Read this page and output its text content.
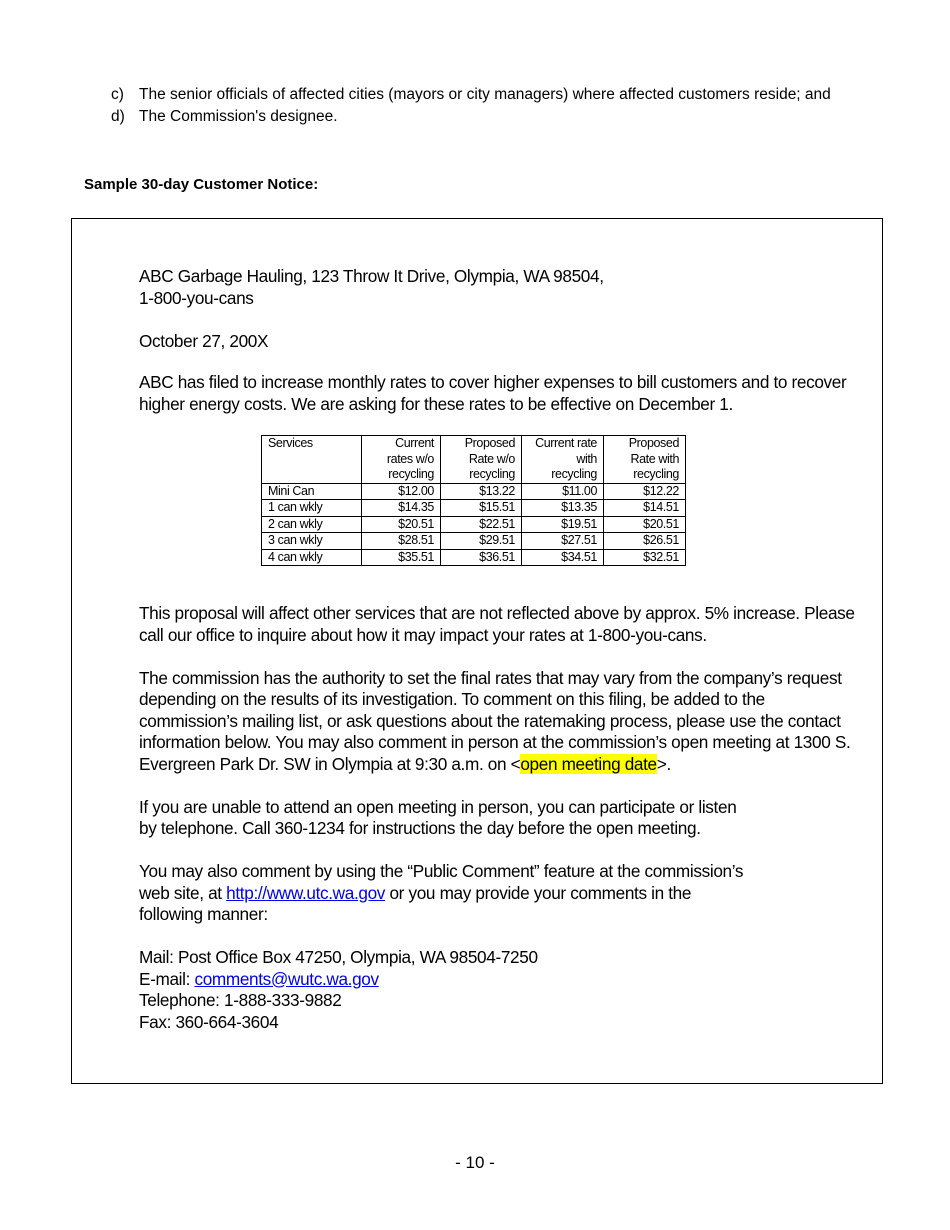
c) The senior officials of affected cities (mayors or city managers) where affected customers reside; and
d) The Commission's designee.
Sample 30-day Customer Notice:

ABC Garbage Hauling, 123 Throw It Drive, Olympia, WA 98504,

1-800-you-cans

October 27, 200X

ABC has filed to increase monthly rates to cover higher expenses to bill customers and to recover higher energy costs. We are asking for these rates to be effective on December 1.

This proposal will affect other services that are not reflected above by approx. 5% increase. Please call our office to inquire about how it may impact your rates at 1-800-you-cans.

The commission has the authority to set the final rates that may vary from the company’s request depending on the results of its investigation. To comment on this filing, be added to the commission’s mailing list, or ask questions about the ratemaking process, please use the contact information below. You may also comment in person at the commission’s open meeting at 1300 S. Evergreen Park Dr. SW in Olympia at 9:30 a.m. on <open meeting date>.

If you are unable to attend an open meeting in person, you can participate or listen

by telephone. Call 360-1234 for instructions the day before the open meeting.

You may also comment by using the “Public Comment” feature at the commission’s

web site, at http://www.utc.wa.gov or you may provide your comments in the

following manner:

Mail: Post Office Box 47250, Olympia, WA 98504-7250

E-mail: comments@wutc.wa.gov

Telephone: 1-888-333-9882

Fax: 360-664-3604

Services	Current rates w/o recycling	Proposed Rate w/o recycling	Current rate with recycling	Proposed Rate with recycling
Mini Can	$12.00	$13.22	$11.00	$12.22
1 can wkly	$14.35	$15.51	$13.35	$14.51
2 can wkly	$20.51	$22.51	$19.51	$20.51
3 can wkly	$28.51	$29.51	$27.51	$26.51
4 can wkly	$35.51	$36.51	$34.51	$32.51
- 10 -
